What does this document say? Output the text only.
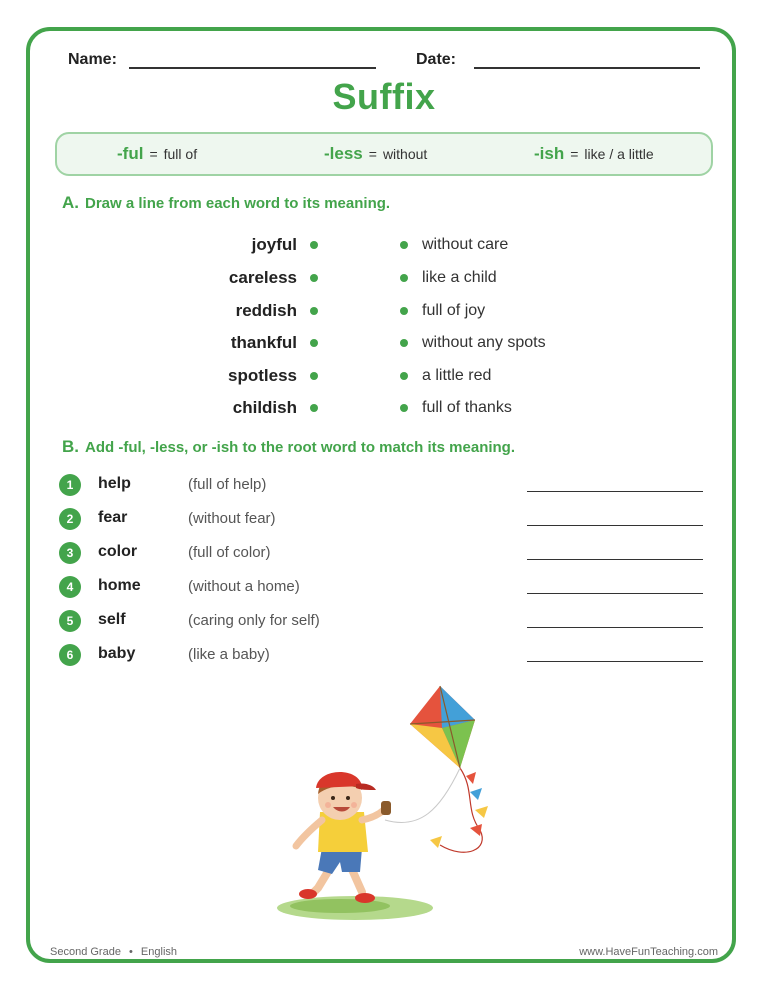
Name:	Date:
Suffix
-ful = full of	-less = without	-ish = like / a little
A. Draw a line from each word to its meaning.
joyful	without care
careless	like a child
reddish	full of joy
thankful	without any spots
spotless	a little red
childish	full of thanks
B. Add -ful, -less, or -ish to the root word to match its meaning.
1	help	(full of help)
2	fear	(without fear)
3	color	(full of color)
4	home	(without a home)
5	self	(caring only for self)
6	baby	(like a baby)
Second Grade • English	www.HaveFunTeaching.com
